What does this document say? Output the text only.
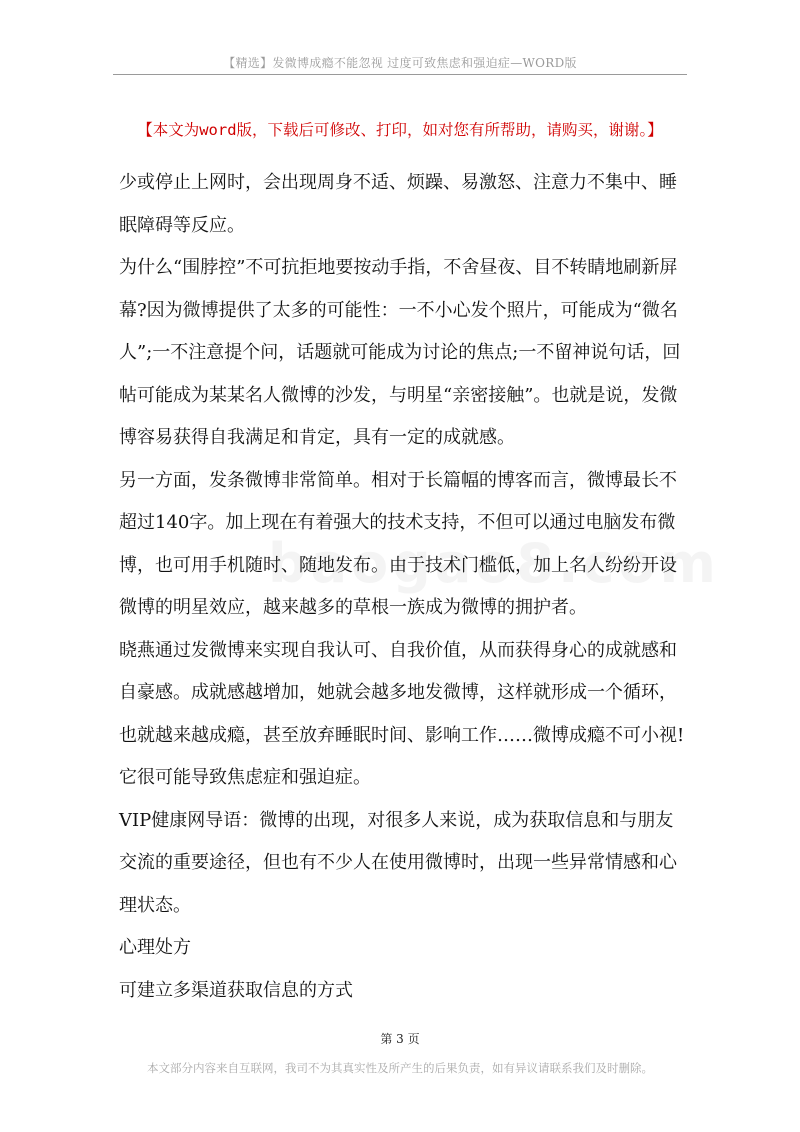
【精选】发微博成瘾不能忽视 过度可致焦虑和强迫症—WORD版
【本文为word版，下载后可修改、打印，如对您有所帮助，请购买，谢谢。】

少或停止上网时，会出现周身不适、烦躁、易激怒、注意力不集中、睡眠障碍等反应。

为什么“围脖控”不可抗拒地要按动手指，不舍昼夜、目不转睛地刷新屏幕?因为微博提供了太多的可能性：一不小心发个照片，可能成为“微名人”;一不注意提个问，话题就可能成为讨论的焦点;一不留神说句话，回帖可能成为某某名人微博的沙发，与明星“亲密接触”。也就是说，发微博容易获得自我满足和肯定，具有一定的成就感。

另一方面，发条微博非常简单。相对于长篇幅的博客而言，微博最长不超过140字。加上现在有着强大的技术支持，不但可以通过电脑发布微博，也可用手机随时、随地发布。由于技术门槛低，加上名人纷纷开设微博的明星效应，越来越多的草根一族成为微博的拥护者。

晓燕通过发微博来实现自我认可、自我价值，从而获得身心的成就感和自豪感。成就感越增加，她就会越多地发微博，这样就形成一个循环，也就越来越成瘾，甚至放弃睡眠时间、影响工作……微博成瘾不可小视!它很可能导致焦虑症和强迫症。

VIP健康网导语：微博的出现，对很多人来说，成为获取信息和与朋友交流的重要途径，但也有不少人在使用微博时，出现一些异常情感和心理状态。

心理处方

可建立多渠道获取信息的方式

第 3 页
本文部分内容来自互联网，我司不为其真实性及所产生的后果负责，如有异议请联系我们及时删除。
